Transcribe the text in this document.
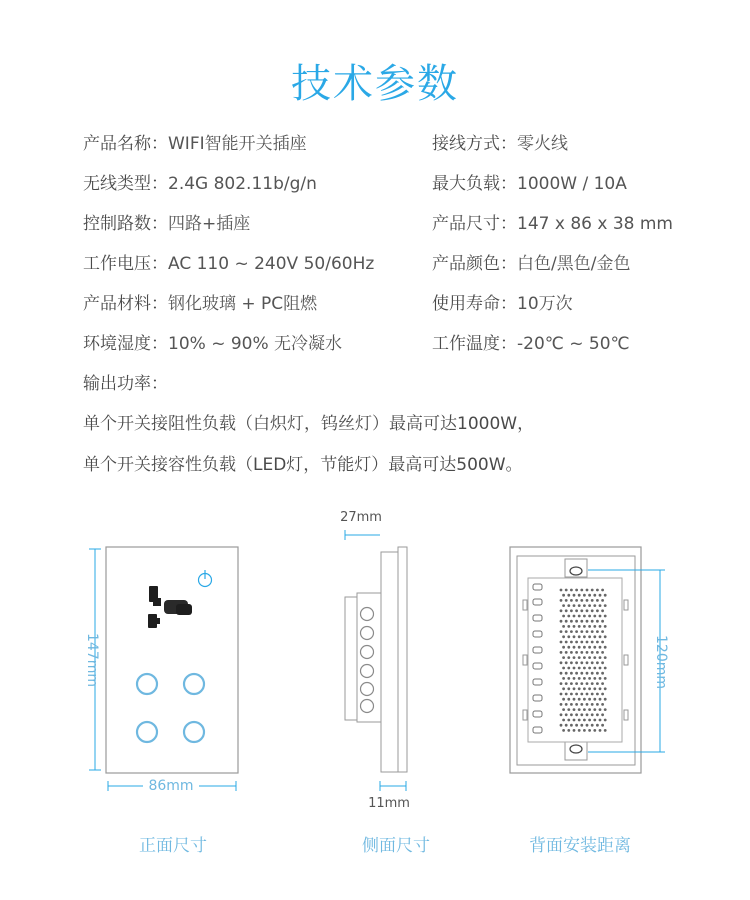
技术参数
产品名称：WIFI智能开关插座
无线类型：2.4G 802.11b/g/n
控制路数：四路+插座
工作电压：AC 110 ~ 240V 50/60Hz
产品材料：钢化玻璃 + PC阻燃
环境湿度：10% ~ 90% 无冷凝水
接线方式：零火线
最大负载：1000W / 10A
产品尺寸：147 x 86 x 38 mm
产品颜色：白色/黑色/金色
使用寿命：10万次
工作温度：-20℃ ~ 50℃
输出功率：
单个开关接阻性负载（白炽灯，钨丝灯）最高可达1000W，
单个开关接容性负载（LED灯，节能灯）最高可达500W。
147mm
86mm
27mm
11mm
120mm
正面尺寸	侧面尺寸	背面安装距离
